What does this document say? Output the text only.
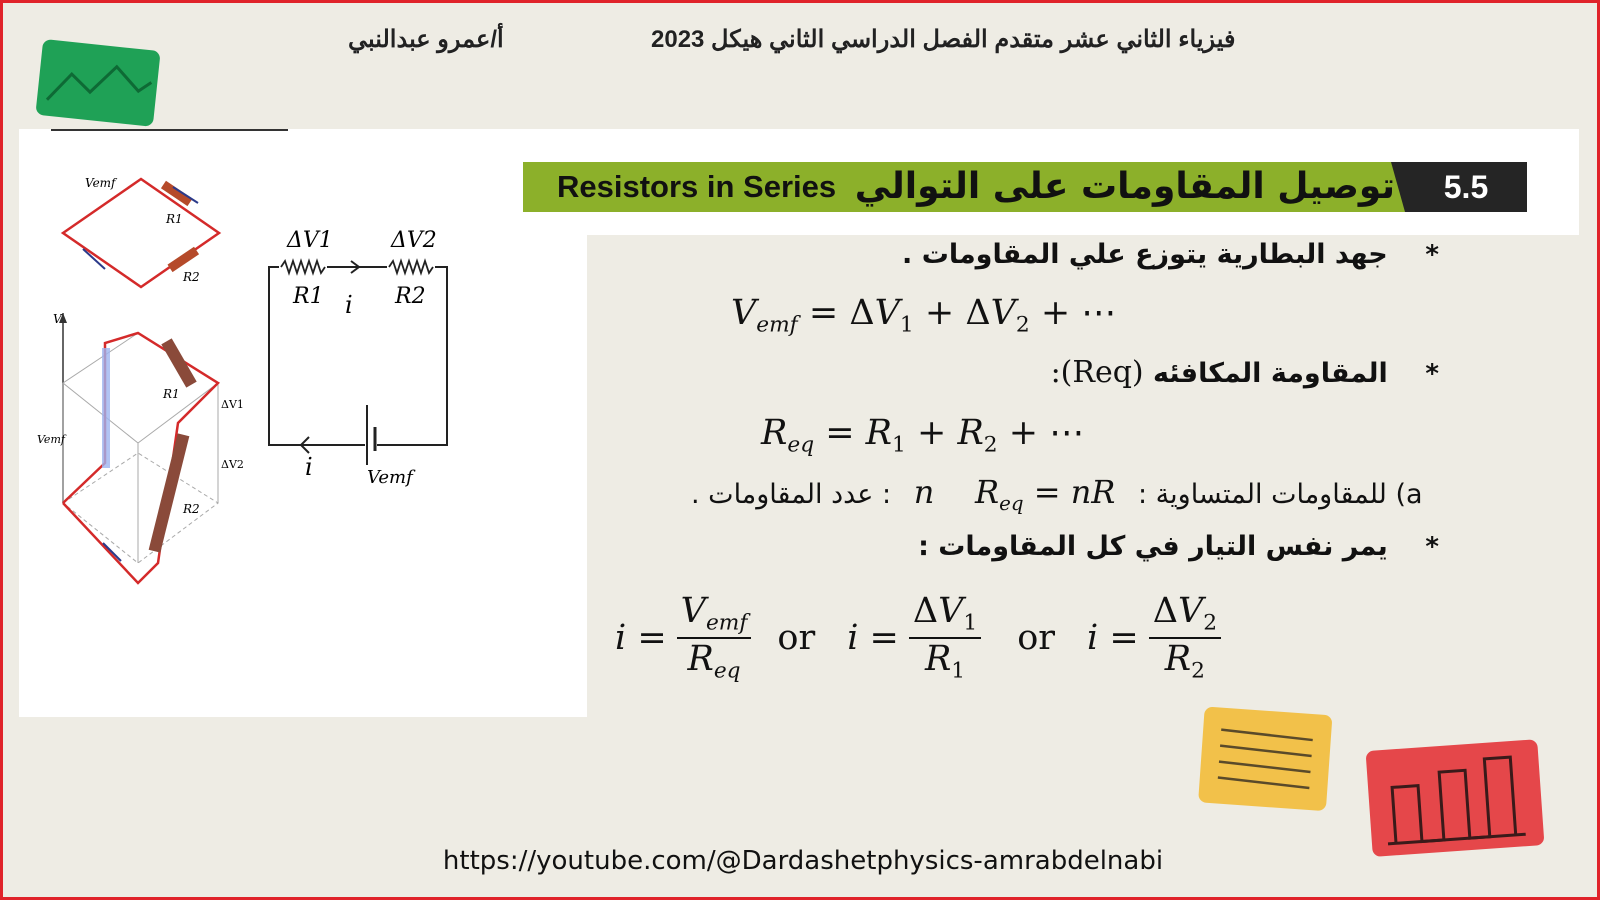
فيزياء الثاني عشر متقدم الفصل الدراسي الثاني هيكل 2023
أ/عمرو عبدالنبي
Resistors in Series توصيل المقاومات على التوالي	5.5
Vemf
R1
R2
V
R1
R2
ΔV1
ΔV2
Vemf
ΔV1	ΔV2
R1 i R2
i	Vemf
*    جهد البطارية يتوزع علي المقاومات .
$V_{emf} = \Delta V_1 + \Delta V_2$ + ⋯
*    المقاومة المكافئه :(Req)
$R_{eq} = R_1 + R_2$ + ⋯
: عدد المقاومات . n    $R_{eq}$ = nR a) للمقاومات المتساوية :
*    يمر نفس التيار في كل المقاومات :
$i = \frac{V_{emf}}{R_{eq}}$ or $i = \frac{\Delta V_1}{R_1}$ or $i = \frac{\Delta V_2}{R_2}$
https://youtube.com/@Dardashetphysics-amrabdelnabi
